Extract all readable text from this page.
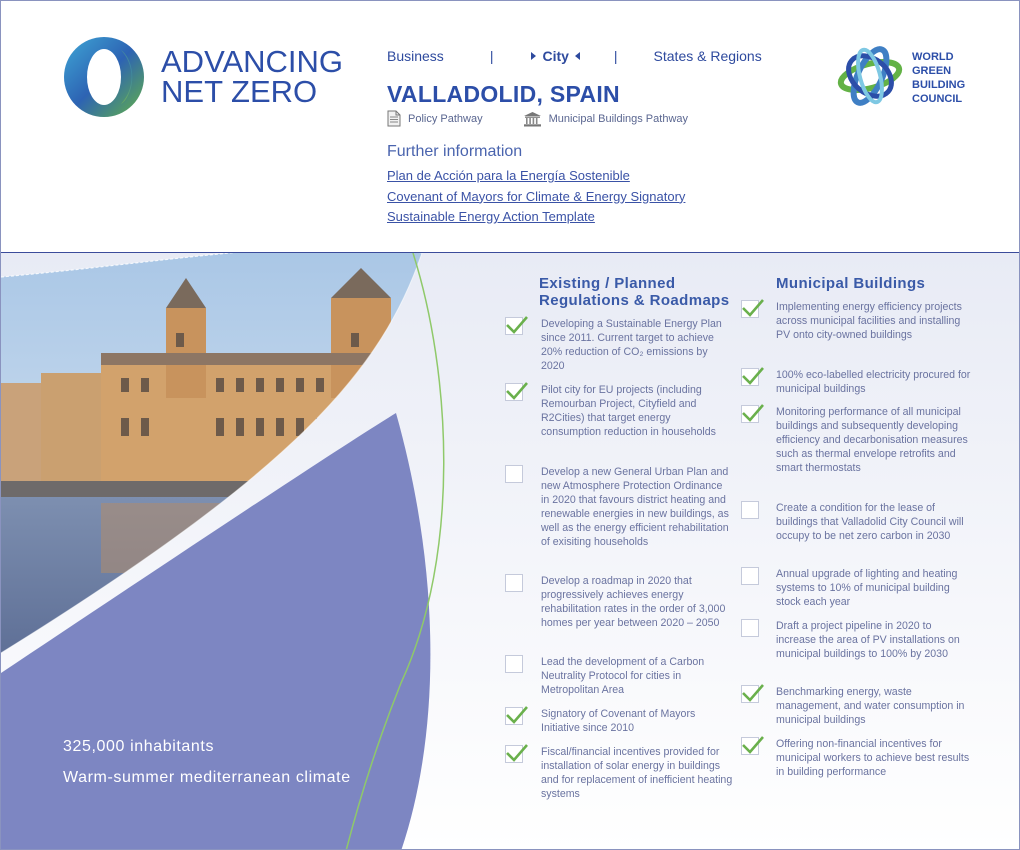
ADVANCING
NET ZERO
Business	|	City	|	States & Regions
VALLADOLID, SPAIN
Policy Pathway	Municipal Buildings Pathway
Further information
Plan de Acción para la Energía Sostenible
Covenant of Mayors for Climate & Energy Signatory
Sustainable Energy Action Template
WORLD
GREEN
BUILDING
COUNCIL
325,000 inhabitants
Warm-summer mediterranean climate
Existing / Planned
Regulations & Roadmaps
Developing a Sustainable Energy Plan since 2011. Current target to achieve 20% reduction of CO₂ emissions by 2020
Pilot city for EU projects (including Remourban Project, Cityfield and R2Cities) that target energy consumption reduction in households
Develop a new General Urban Plan and new Atmosphere Protection Ordinance in 2020 that favours district heating and renewable energies in new buildings, as well as the energy efficient rehabilitation of exisiting households
Develop a roadmap in 2020 that progressively achieves energy rehabilitation rates in the order of 3,000 homes per year between 2020 – 2050
Lead the development of a Carbon Neutrality Protocol for cities in Metropolitan Area
Signatory of Covenant of Mayors Initiative since 2010
Fiscal/financial incentives provided for installation of solar energy in buildings and for replacement of inefficient heating systems
Municipal Buildings
Implementing energy efficiency projects across municipal facilities and installing PV onto city-owned buildings
100% eco-labelled electricity procured for municipal buildings
Monitoring performance of all municipal buildings and subsequently developing efficiency and decarbonisation measures such as thermal envelope retrofits and smart thermostats
Create a condition for the lease of buildings that Valladolid City Council will occupy to be net zero carbon in 2030
Annual upgrade of lighting and heating systems to 10% of municipal building stock each year
Draft a project pipeline in 2020 to increase the area of PV installations on municipal buildings to 100% by 2030
Benchmarking energy, waste management, and water consumption in municipal buildings
Offering non-financial incentives for municipal workers to achieve best results in building performance
